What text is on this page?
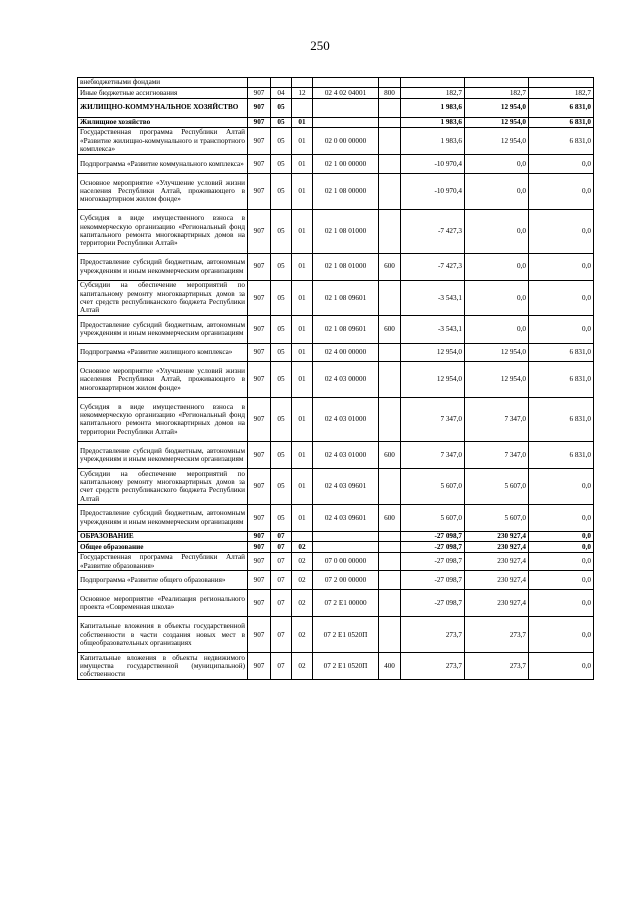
250
внебюджетными фондами								
Иные бюджетные ассигнования	907	04	12	02 4 02 04001	800	182,7	182,7	182,7
ЖИЛИЩНО-КОММУНАЛЬНОЕ ХОЗЯЙСТВО	907	05				1 983,6	12 954,0	6 831,0
Жилищное хозяйство	907	05	01			1 983,6	12 954,0	6 831,0
Государственная программа Республики Алтай «Развитие жилищно-коммунального и транспортного комплекса»	907	05	01	02 0 00 00000		1 983,6	12 954,0	6 831,0
Подпрограмма «Развитие коммунального комплекса»	907	05	01	02 1 00 00000		-10 970,4	0,0	0,0
Основное мероприятие «Улучшение условий жизни населения Республики Алтай, проживающего в многоквартирном жилом фонде»	907	05	01	02 1 08 00000		-10 970,4	0,0	0,0
Субсидия в виде имущественного взноса в некоммерческую организацию «Региональный фонд капитального ремонта многоквартирных домов на территории Республики Алтай»	907	05	01	02 1 08 01000		-7 427,3	0,0	0,0
Предоставление субсидий бюджетным, автономным учреждениям и иным некоммерческим организациям	907	05	01	02 1 08 01000	600	-7 427,3	0,0	0,0
Субсидии на обеспечение мероприятий по капитальному ремонту многоквартирных домов за счет средств республиканского бюджета Республики Алтай	907	05	01	02 1 08 09601		-3 543,1	0,0	0,0
Предоставление субсидий бюджетным, автономным учреждениям и иным некоммерческим организациям	907	05	01	02 1 08 09601	600	-3 543,1	0,0	0,0
Подпрограмма «Развитие жилищного комплекса»	907	05	01	02 4 00 00000		12 954,0	12 954,0	6 831,0
Основное мероприятие «Улучшение условий жизни населения Республики Алтай, проживающего в многоквартирном жилом фонде»	907	05	01	02 4 03 00000		12 954,0	12 954,0	6 831,0
Субсидия в виде имущественного взноса в некоммерческую организацию «Региональный фонд капитального ремонта многоквартирных домов на территории Республики Алтай»	907	05	01	02 4 03 01000		7 347,0	7 347,0	6 831,0
Предоставление субсидий бюджетным, автономным учреждениям и иным некоммерческим организациям	907	05	01	02 4 03 01000	600	7 347,0	7 347,0	6 831,0
Субсидии на обеспечение мероприятий по капитальному ремонту многоквартирных домов за счет средств республиканского бюджета Республики Алтай	907	05	01	02 4 03 09601		5 607,0	5 607,0	0,0
Предоставление субсидий бюджетным, автономным учреждениям и иным некоммерческим организациям	907	05	01	02 4 03 09601	600	5 607,0	5 607,0	0,0
ОБРАЗОВАНИЕ	907	07				-27 098,7	230 927,4	0,0
Общее образование	907	07	02			-27 098,7	230 927,4	0,0
Государственная программа Республики Алтай «Развитие образования»	907	07	02	07 0 00 00000		-27 098,7	230 927,4	0,0
Подпрограмма «Развитие общего образования»	907	07	02	07 2 00 00000		-27 098,7	230 927,4	0,0
Основное мероприятие «Реализация регионального проекта «Современная школа»	907	07	02	07 2 E1 00000		-27 098,7	230 927,4	0,0
Капитальные вложения в объекты государственной собственности в части создания новых мест в общеобразовательных организациях	907	07	02	07 2 E1 0520П		273,7	273,7	0,0
Капитальные вложения в объекты недвижимого имущества государственной (муниципальной) собственности	907	07	02	07 2 E1 0520П	400	273,7	273,7	0,0
